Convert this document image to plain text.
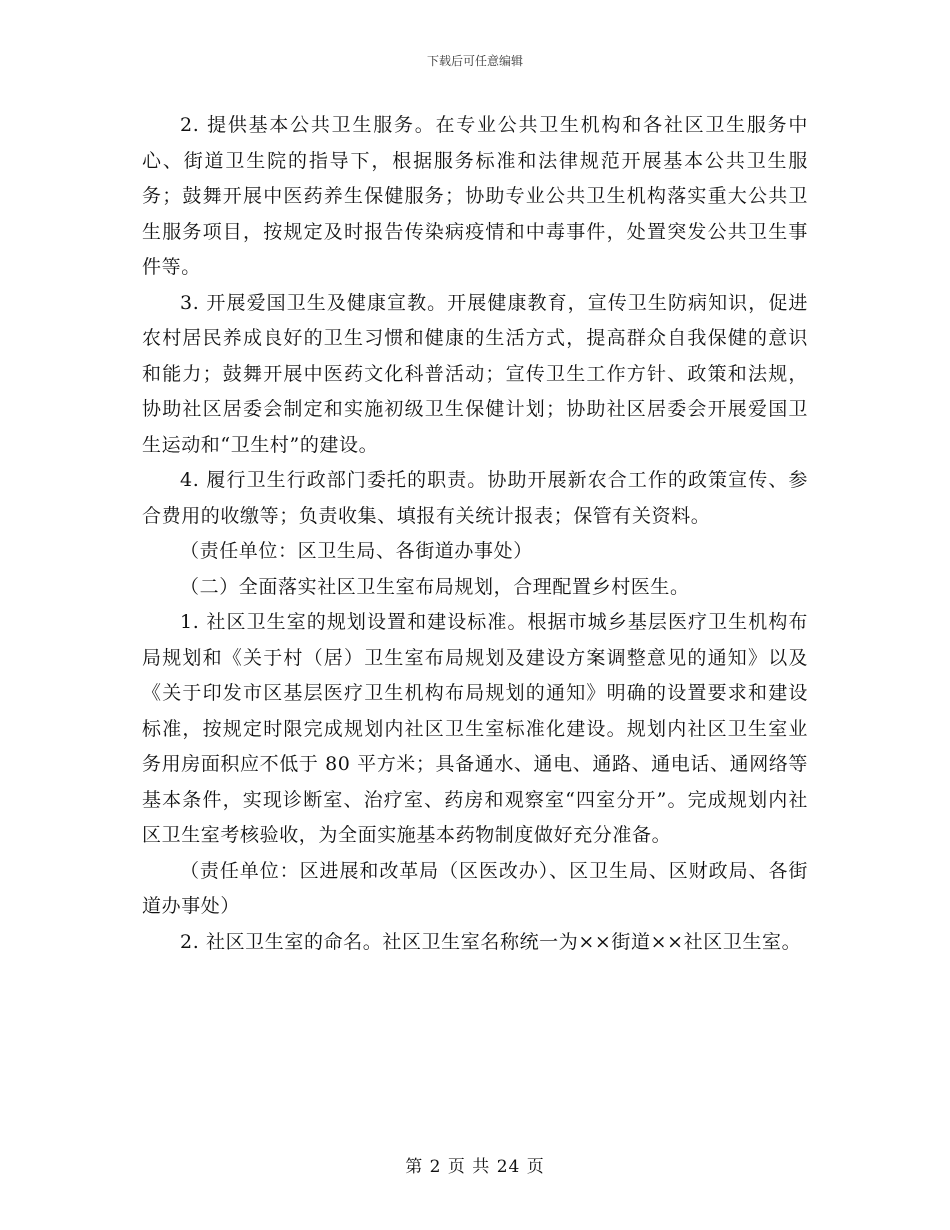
下载后可任意编辑

2. 提供基本公共卫生服务。在专业公共卫生机构和各社区卫生服务中心、街道卫生院的指导下，根据服务标准和法律规范开展基本公共卫生服务；鼓舞开展中医药养生保健服务；协助专业公共卫生机构落实重大公共卫生服务项目，按规定及时报告传染病疫情和中毒事件，处置突发公共卫生事件等。

3. 开展爱国卫生及健康宣教。开展健康教育，宣传卫生防病知识，促进农村居民养成良好的卫生习惯和健康的生活方式，提高群众自我保健的意识和能力；鼓舞开展中医药文化科普活动；宣传卫生工作方针、政策和法规，协助社区居委会制定和实施初级卫生保健计划；协助社区居委会开展爱国卫生运动和“卫生村”的建设。

4. 履行卫生行政部门委托的职责。协助开展新农合工作的政策宣传、参合费用的收缴等；负责收集、填报有关统计报表；保管有关资料。

（责任单位：区卫生局、各街道办事处）

（二）全面落实社区卫生室布局规划，合理配置乡村医生。

1. 社区卫生室的规划设置和建设标准。根据市城乡基层医疗卫生机构布局规划和《关于村（居）卫生室布局规划及建设方案调整意见的通知》以及《关于印发市区基层医疗卫生机构布局规划的通知》明确的设置要求和建设标准，按规定时限完成规划内社区卫生室标准化建设。规划内社区卫生室业务用房面积应不低于 80 平方米；具备通水、通电、通路、通电话、通网络等基本条件，实现诊断室、治疗室、药房和观察室“四室分开”。完成规划内社区卫生室考核验收，为全面实施基本药物制度做好充分准备。

（责任单位：区进展和改革局（区医改办）、区卫生局、区财政局、各街道办事处）

2. 社区卫生室的命名。社区卫生室名称统一为××街道××社区卫生室。

第 2 页 共 24 页
